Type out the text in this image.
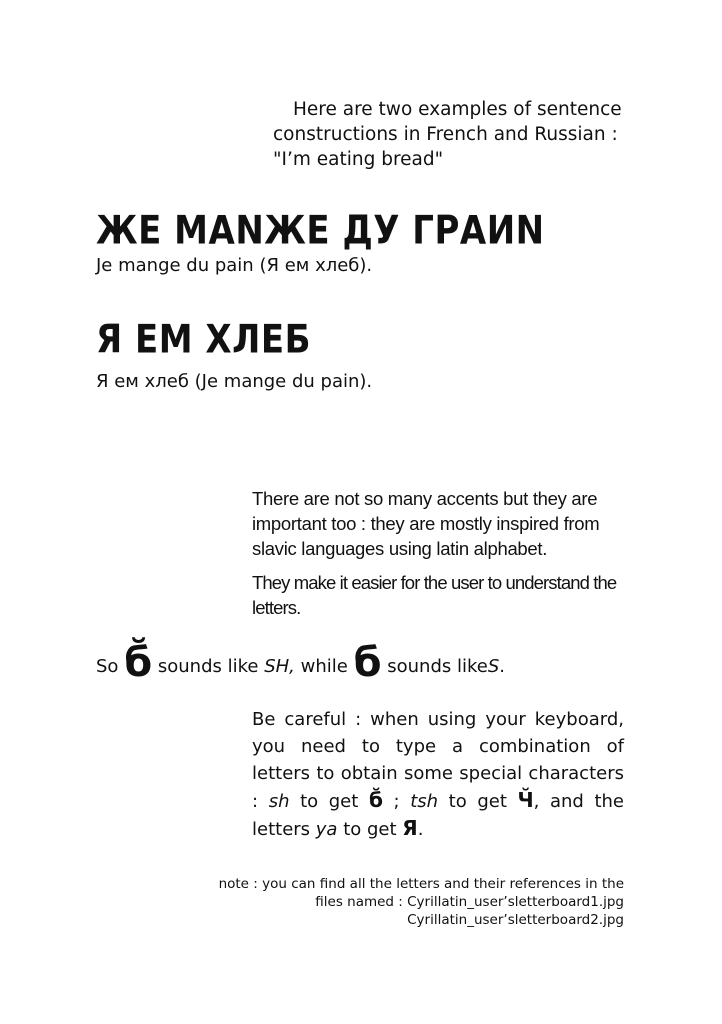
Here are two examples of sentence
constructions in French and Russian :
"I’m eating bread"
ЖЕ МАNЖЕ ДУ ГРАИN
Je mange du pain (Я ем хлеб).
Я ЕМ ХЛЕБ
Я ем хлеб (Je mange du pain).
There are not so many accents but they are important too : they are mostly inspired from slavic languages using latin alphabet.
They make it easier for the user to understand the letters.
So б̆ sounds like SH, while б sounds likeS.
Be careful : when using your keyboard, you need to type a combination of letters to obtain some special characters : sh to get б̆ ; tsh to get Ч̆, and the letters ya to get Я.
note : you can find all the letters and their references in the
files named : Cyrillatin_user’sletterboard1.jpg
Cyrillatin_user’sletterboard2.jpg
